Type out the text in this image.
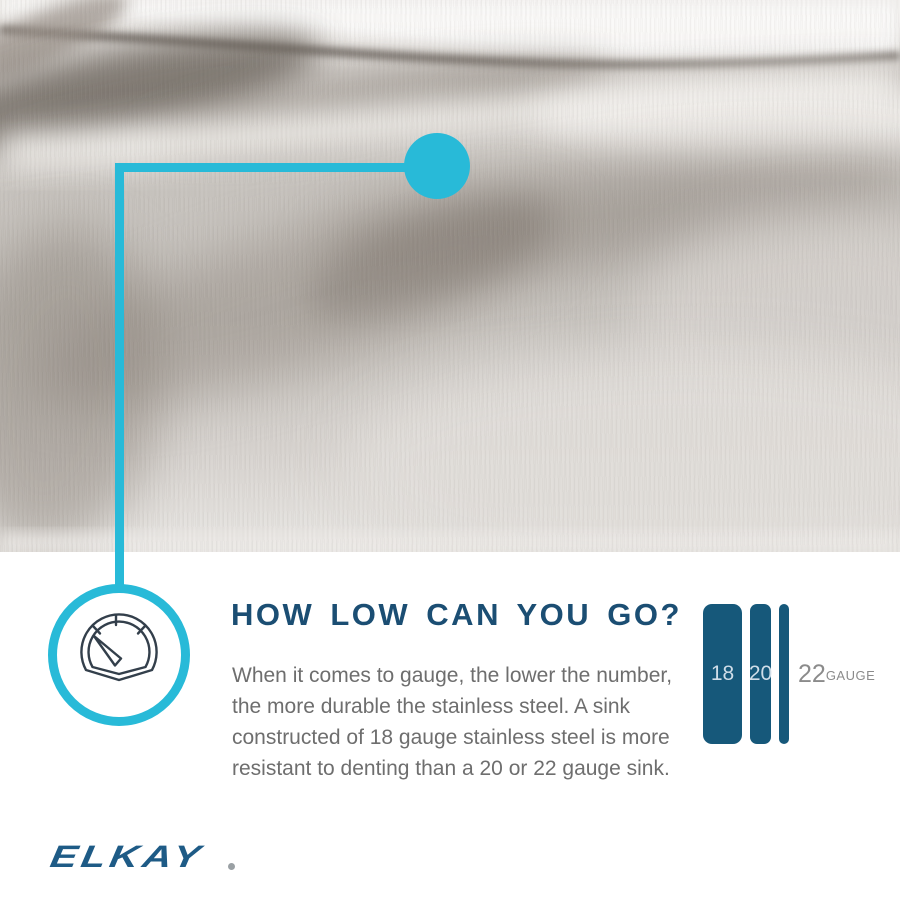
HOW LOW CAN YOU GO?
When it comes to gauge, the lower the number,
the more durable the stainless steel. A sink
constructed of 18 gauge stainless steel is more
resistant to denting than a 20 or 22 gauge sink.
18 20 22 GAUGE
ELKAY
